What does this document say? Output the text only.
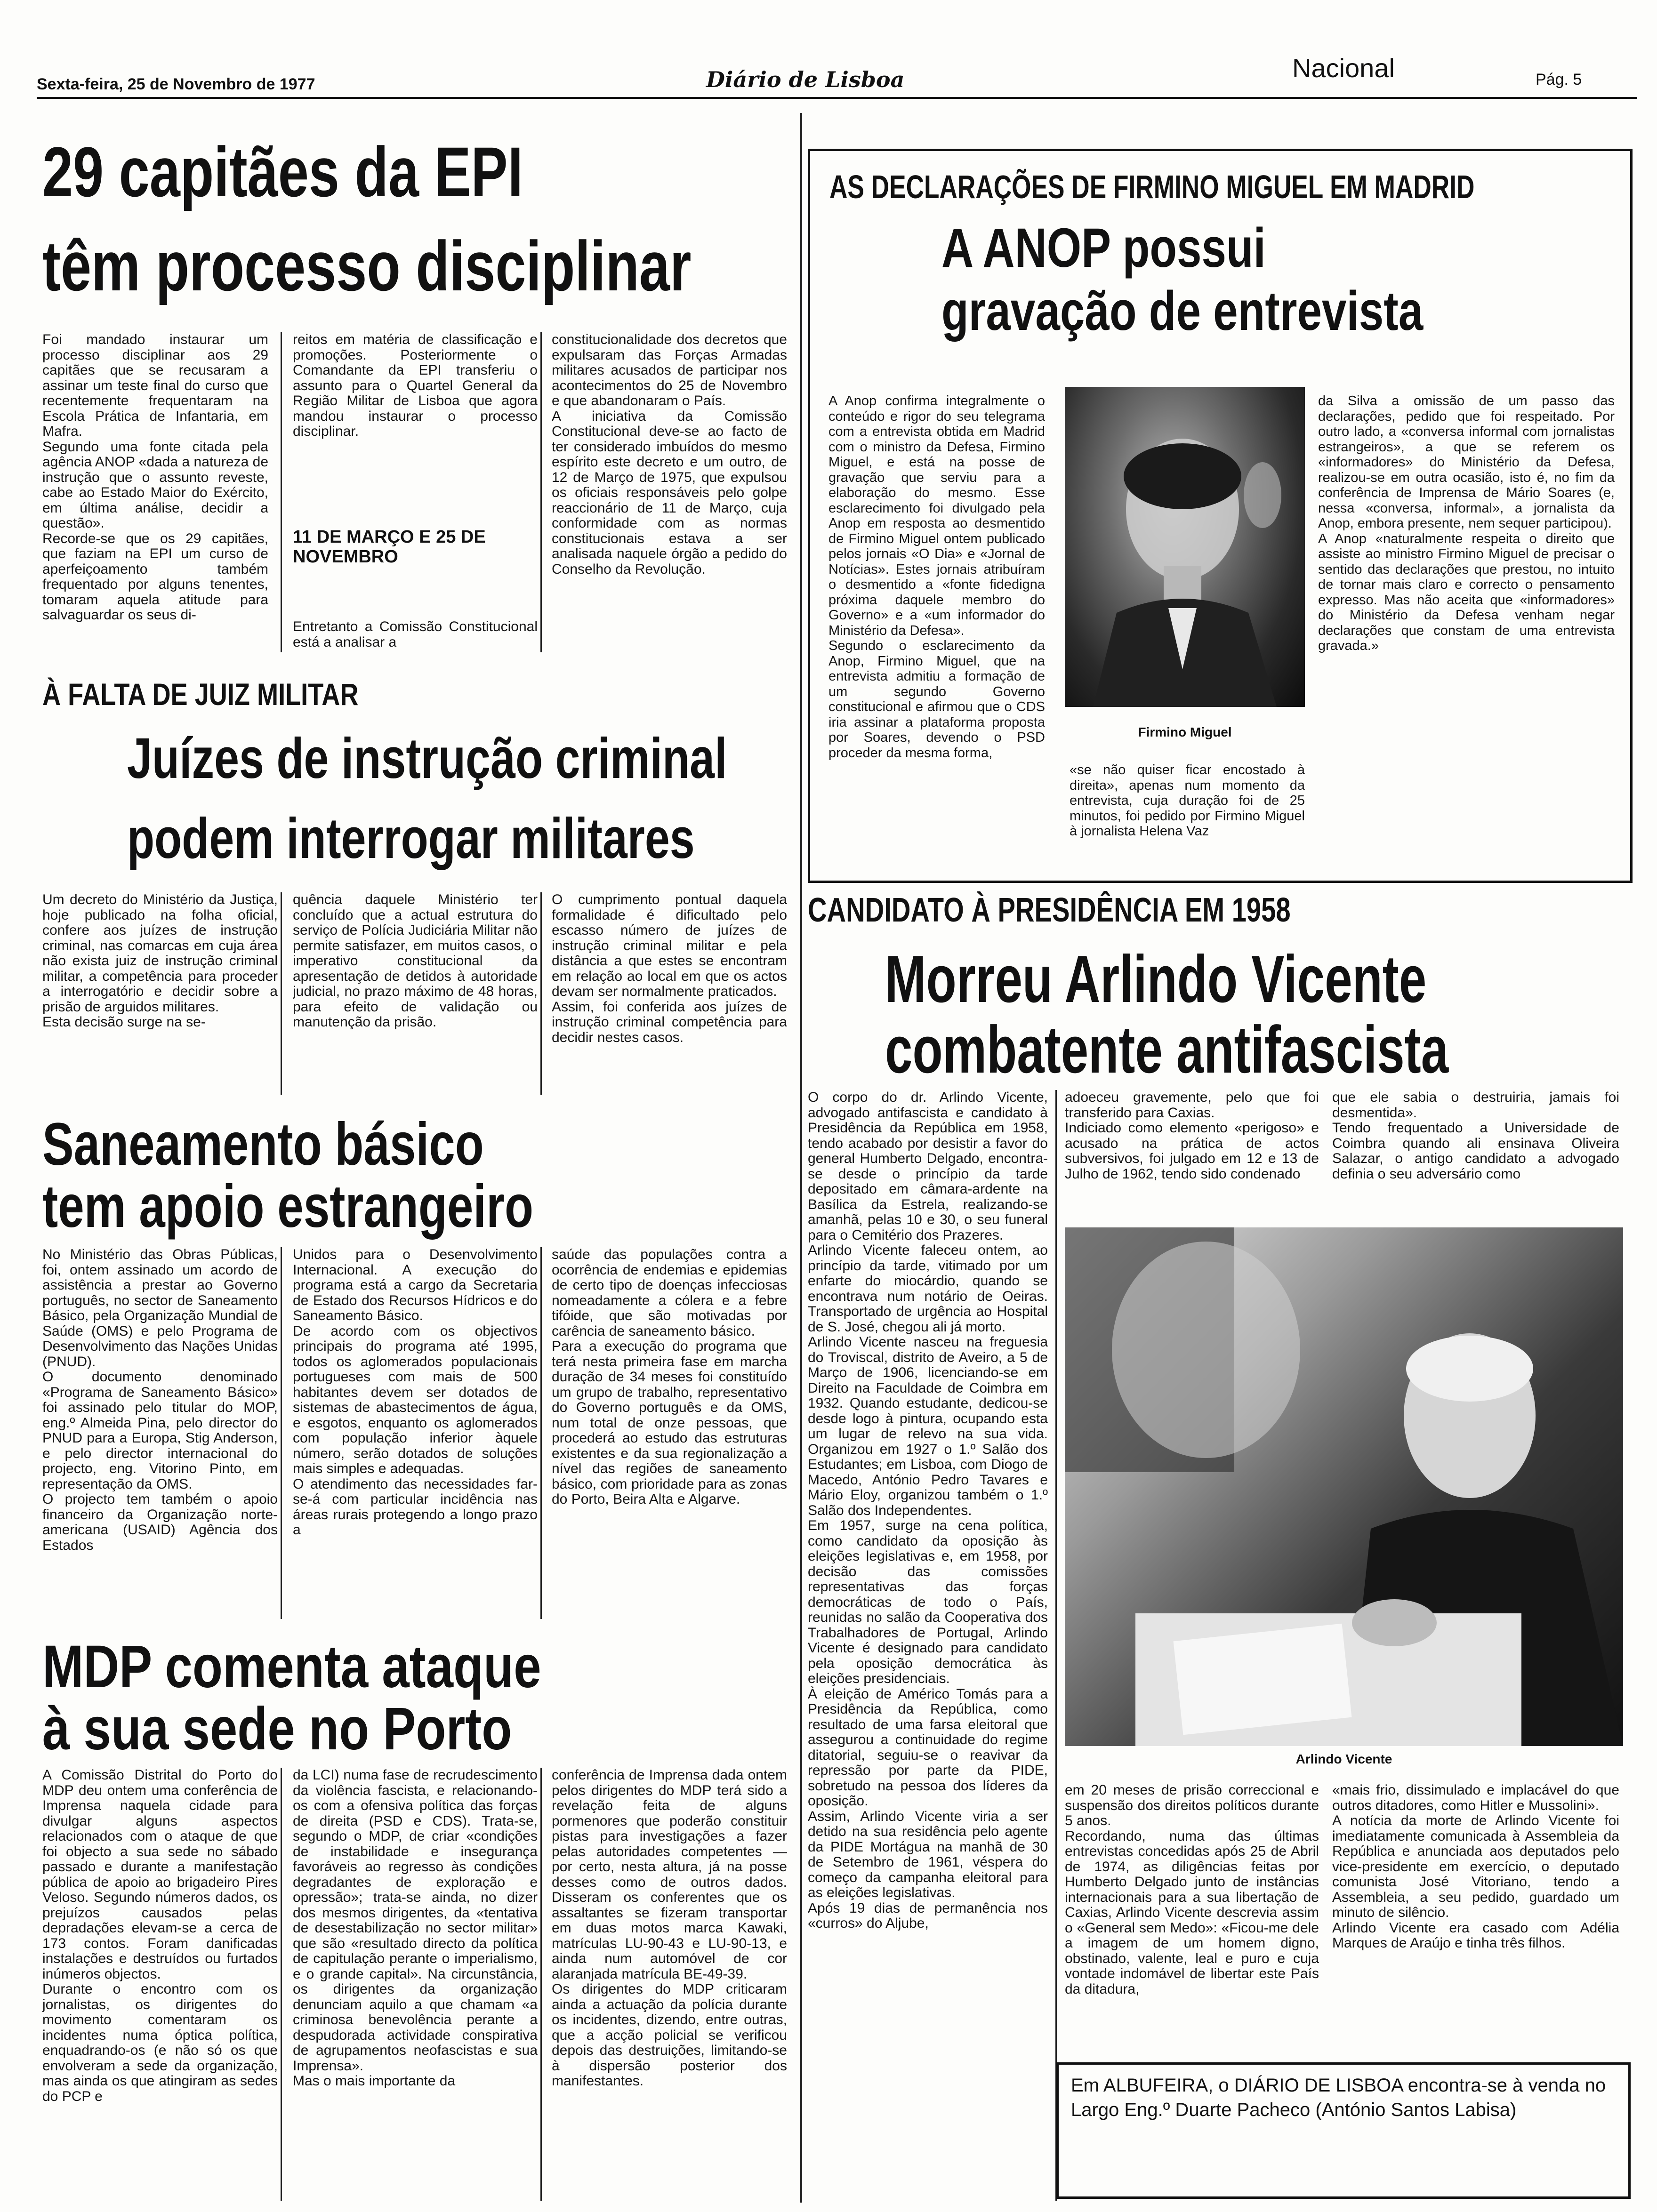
Sexta-feira, 25 de Novembro de 1977	Diário de Lisboa	Nacional	Pág. 5
29 capitães da EPI
têm processo disciplinar
Foi mandado instaurar um processo disciplinar aos 29 capitães que se recusaram a assinar um teste final do curso que recentemente frequentaram na Escola Prática de Infantaria, em Mafra.
Segundo uma fonte citada pela agência ANOP «dada a natureza de instrução que o assunto reveste, cabe ao Estado Maior do Exército, em última análise, decidir a questão».
Recorde-se que os 29 capitães, que faziam na EPI um curso de aperfeiçoamento também frequentado por alguns tenentes, tomaram aquela atitude para salvaguardar os seus di-
reitos em matéria de classificação e promoções. Posteriormente o Comandante da EPI transferiu o assunto para o Quartel General da Região Militar de Lisboa que agora mandou instaurar o processo disciplinar.
11 DE MARÇO E 25 DE NOVEMBRO
Entretanto a Comissão Constitucional está a analisar a
constitucionalidade dos decretos que expulsaram das Forças Armadas militares acusados de participar nos acontecimentos do 25 de Novembro e que abandonaram o País.
A iniciativa da Comissão Constitucional deve-se ao facto de ter considerado imbuídos do mesmo espírito este decreto e um outro, de 12 de Março de 1975, que expulsou os oficiais responsáveis pelo golpe reaccionário de 11 de Março, cuja conformidade com as normas constitucionais estava a ser analisada naquele órgão a pedido do Conselho da Revolução.
À FALTA DE JUIZ MILITAR
Juízes de instrução criminal
podem interrogar militares
Um decreto do Ministério da Justiça, hoje publicado na folha oficial, confere aos juízes de instrução criminal, nas comarcas em cuja área não exista juiz de instrução criminal militar, a competência para proceder a interrogatório e decidir sobre a prisão de arguidos militares.
Esta decisão surge na se-
quência daquele Ministério ter concluído que a actual estrutura do serviço de Polícia Judiciária Militar não permite satisfazer, em muitos casos, o imperativo constitucional da apresentação de detidos à autoridade judicial, no prazo máximo de 48 horas, para efeito de validação ou manutenção da prisão.
O cumprimento pontual daquela formalidade é dificultado pelo escasso número de juízes de instrução criminal militar e pela distância a que estes se encontram em relação ao local em que os actos devam ser normalmente praticados.
Assim, foi conferida aos juízes de instrução criminal competência para decidir nestes casos.
Saneamento básico
tem apoio estrangeiro
No Ministério das Obras Públicas, foi, ontem assinado um acordo de assistência a prestar ao Governo português, no sector de Saneamento Básico, pela Organização Mundial de Saúde (OMS) e pelo Programa de Desenvolvimento das Nações Unidas (PNUD).
O documento denominado «Programa de Saneamento Básico» foi assinado pelo titular do MOP, eng.º Almeida Pina, pelo director do PNUD para a Europa, Stig Anderson, e pelo director internacional do projecto, eng. Vitorino Pinto, em representação da OMS.
O projecto tem também o apoio financeiro da Organização norte-americana (USAID) Agência dos Estados
Unidos para o Desenvolvimento Internacional. A execução do programa está a cargo da Secretaria de Estado dos Recursos Hídricos e do Saneamento Básico.
De acordo com os objectivos principais do programa até 1995, todos os aglomerados populacionais portugueses com mais de 500 habitantes devem ser dotados de sistemas de abastecimentos de água, e esgotos, enquanto os aglomerados com população inferior àquele número, serão dotados de soluções mais simples e adequadas.
O atendimento das necessidades far-se-á com particular incidência nas áreas rurais protegendo a longo prazo a
saúde das populações contra a ocorrência de endemias e epidemias de certo tipo de doenças infecciosas nomeadamente a cólera e a febre tifóide, que são motivadas por carência de saneamento básico.
Para a execução do programa que terá nesta primeira fase em marcha duração de 34 meses foi constituído um grupo de trabalho, representativo do Governo português e da OMS, num total de onze pessoas, que procederá ao estudo das estruturas existentes e da sua regionalização a nível das regiões de saneamento básico, com prioridade para as zonas do Porto, Beira Alta e Algarve.
MDP comenta ataque
à sua sede no Porto
A Comissão Distrital do Porto do MDP deu ontem uma conferência de Imprensa naquela cidade para divulgar alguns aspectos relacionados com o ataque de que foi objecto a sua sede no sábado passado e durante a manifestação pública de apoio ao brigadeiro Pires Veloso. Segundo números dados, os prejuízos causados pelas depradações elevam-se a cerca de 173 contos. Foram danificadas instalações e destruídos ou furtados inúmeros objectos.
Durante o encontro com os jornalistas, os dirigentes do movimento comentaram os incidentes numa óptica política, enquadrando-os (e não só os que envolveram a sede da organização, mas ainda os que atingiram as sedes do PCP e
da LCI) numa fase de recrudescimento da violência fascista, e relacionando-os com a ofensiva política das forças de direita (PSD e CDS). Trata-se, segundo o MDP, de criar «condições de instabilidade e insegurança favoráveis ao regresso às condições degradantes de exploração e opressão»; trata-se ainda, no dizer dos mesmos dirigentes, da «tentativa de desestabilização no sector militar» que são «resultado directo da política de capitulação perante o imperialismo, e o grande capital». Na circunstância, os dirigentes da organização denunciam aquilo a que chamam «a criminosa benevolência perante a despudorada actividade conspirativa de agrupamentos neofascistas e sua Imprensa».
Mas o mais importante da
conferência de Imprensa dada ontem pelos dirigentes do MDP terá sido a revelação feita de alguns pormenores que poderão constituir pistas para investigações a fazer pelas autoridades competentes — por certo, nesta altura, já na posse desses como de outros dados. Disseram os conferentes que os assaltantes se fizeram transportar em duas motos marca Kawaki, matrículas LU-90-43 e LU-90-13, e ainda num automóvel de cor alaranjada matrícula BE-49-39.
Os dirigentes do MDP criticaram ainda a actuação da polícia durante os incidentes, dizendo, entre outras, que a acção policial se verificou depois das destruições, limitando-se à dispersão posterior dos manifestantes.
AS DECLARAÇÕES DE FIRMINO MIGUEL EM MADRID
A ANOP possui
gravação de entrevista
A Anop confirma integralmente o conteúdo e rigor do seu telegrama com a entrevista obtida em Madrid com o ministro da Defesa, Firmino Miguel, e está na posse de gravação que serviu para a elaboração do mesmo. Esse esclarecimento foi divulgado pela Anop em resposta ao desmentido de Firmino Miguel ontem publicado pelos jornais «O Dia» e «Jornal de Notícias». Estes jornais atribuíram o desmentido a «fonte fidedigna próxima daquele membro do Governo» e a «um informador do Ministério da Defesa».
Segundo o esclarecimento da Anop, Firmino Miguel, que na entrevista admitiu a formação de um segundo Governo constitucional e afirmou que o CDS iria assinar a plataforma proposta por Soares, devendo o PSD proceder da mesma forma,
Firmino Miguel
«se não quiser ficar encostado à direita», apenas num momento da entrevista, cuja duração foi de 25 minutos, foi pedido por Firmino Miguel à jornalista Helena Vaz
da Silva a omissão de um passo das declarações, pedido que foi respeitado. Por outro lado, a «conversa informal com jornalistas estrangeiros», a que se referem os «informadores» do Ministério da Defesa, realizou-se em outra ocasião, isto é, no fim da conferência de Imprensa de Mário Soares (e, nessa «conversa, informal», a jornalista da Anop, embora presente, nem sequer participou).
A Anop «naturalmente respeita o direito que assiste ao ministro Firmino Miguel de precisar o sentido das declarações que prestou, no intuito de tornar mais claro e correcto o pensamento expresso. Mas não aceita que «informadores» do Ministério da Defesa venham negar declarações que constam de uma entrevista gravada.»
CANDIDATO À PRESIDÊNCIA EM 1958
Morreu Arlindo Vicente
combatente antifascista
O corpo do dr. Arlindo Vicente, advogado antifascista e candidato à Presidência da República em 1958, tendo acabado por desistir a favor do general Humberto Delgado, encontra-se desde o princípio da tarde depositado em câmara-ardente na Basílica da Estrela, realizando-se amanhã, pelas 10 e 30, o seu funeral para o Cemitério dos Prazeres.
Arlindo Vicente faleceu ontem, ao princípio da tarde, vitimado por um enfarte do miocárdio, quando se encontrava num notário de Oeiras. Transportado de urgência ao Hospital de S. José, chegou ali já morto.
Arlindo Vicente nasceu na freguesia do Troviscal, distrito de Aveiro, a 5 de Março de 1906, licenciando-se em Direito na Faculdade de Coimbra em 1932. Quando estudante, dedicou-se desde logo à pintura, ocupando esta um lugar de relevo na sua vida. Organizou em 1927 o 1.º Salão dos Estudantes; em Lisboa, com Diogo de Macedo, António Pedro Tavares e Mário Eloy, organizou também o 1.º Salão dos Independentes.
Em 1957, surge na cena política, como candidato da oposição às eleições legislativas e, em 1958, por decisão das comissões representativas das forças democráticas de todo o País, reunidas no salão da Cooperativa dos Trabalhadores de Portugal, Arlindo Vicente é designado para candidato pela oposição democrática às eleições presidenciais.
À eleição de Américo Tomás para a Presidência da República, como resultado de uma farsa eleitoral que assegurou a continuidade do regime ditatorial, seguiu-se o reavivar da repressão por parte da PIDE, sobretudo na pessoa dos líderes da oposição.
Assim, Arlindo Vicente viria a ser detido na sua residência pelo agente da PIDE Mortágua na manhã de 30 de Setembro de 1961, véspera do começo da campanha eleitoral para as eleições legislativas.
Após 19 dias de permanência nos «curros» do Aljube,
adoeceu gravemente, pelo que foi transferido para Caxias.
Indiciado como elemento «perigoso» e acusado na prática de actos subversivos, foi julgado em 12 e 13 de Julho de 1962, tendo sido condenado
que ele sabia o destruiria, jamais foi desmentida».
Tendo frequentado a Universidade de Coimbra quando ali ensinava Oliveira Salazar, o antigo candidato a advogado definia o seu adversário como
Arlindo Vicente
em 20 meses de prisão correccional e suspensão dos direitos políticos durante 5 anos.
Recordando, numa das últimas entrevistas concedidas após 25 de Abril de 1974, as diligências feitas por Humberto Delgado junto de instâncias internacionais para a sua libertação de Caxias, Arlindo Vicente descrevia assim o «General sem Medo»: «Ficou-me dele a imagem de um homem digno, obstinado, valente, leal e puro e cuja vontade indomável de libertar este País da ditadura,
«mais frio, dissimulado e implacável do que outros ditadores, como Hitler e Mussolini».
A notícia da morte de Arlindo Vicente foi imediatamente comunicada à Assembleia da República e anunciada aos deputados pelo vice-presidente em exercício, o deputado comunista José Vitoriano, tendo a Assembleia, a seu pedido, guardado um minuto de silêncio.
Arlindo Vicente era casado com Adélia Marques de Araújo e tinha três filhos.
Em ALBUFEIRA, o DIÁRIO DE LISBOA encontra-se à venda no Largo Eng.º Duarte Pacheco (António Santos Labisa)
